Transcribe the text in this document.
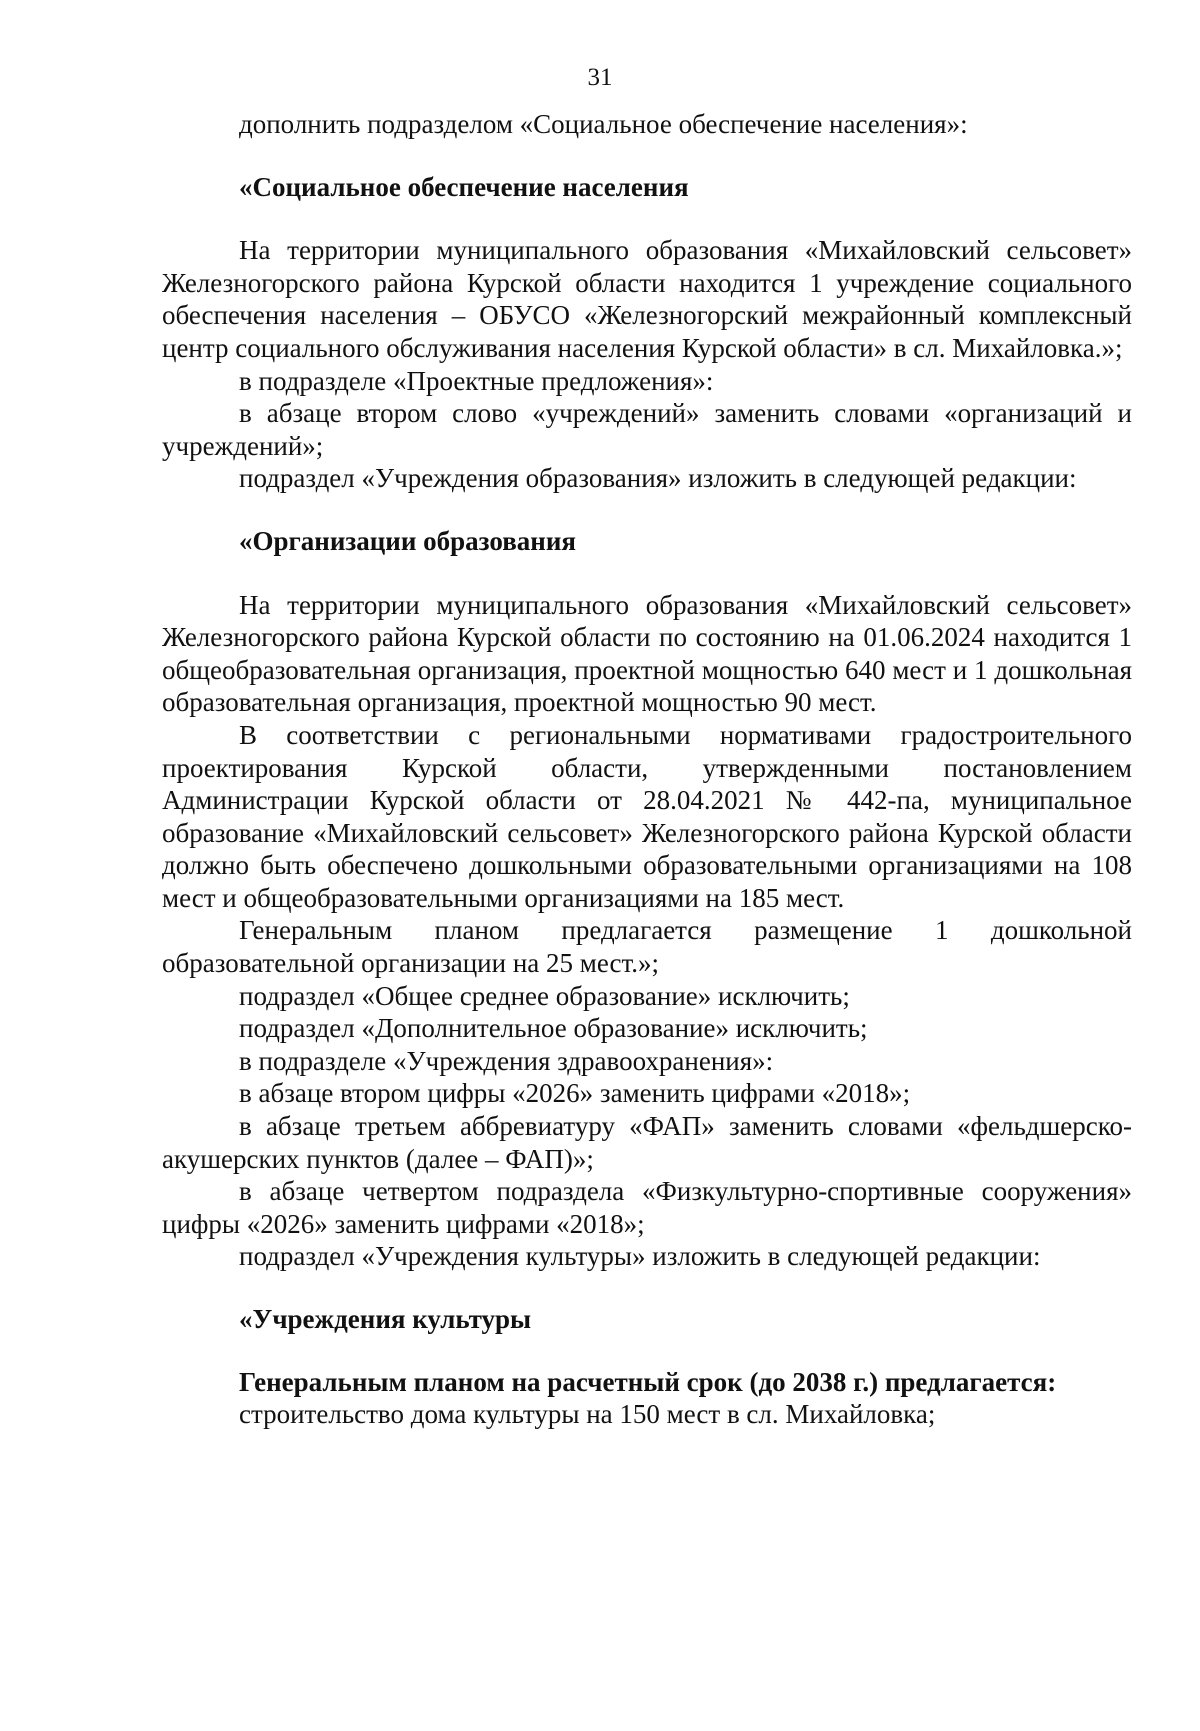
31

дополнить подразделом «Социальное обеспечение населения»:

«Социальное обеспечение населения

На территории муниципального образования «Михайловский сельсовет» Железногорского района Курской области находится 1 учреждение социального обеспечения населения – ОБУСО «Железногорский межрайонный комплексный центр социального обслуживания населения Курской области» в сл. Михайловка.»;

в подразделе «Проектные предложения»:

в абзаце втором слово «учреждений» заменить словами «организаций и учреждений»;

подраздел «Учреждения образования» изложить в следующей редакции:

«Организации образования

На территории муниципального образования «Михайловский сельсовет» Железногорского района Курской области по состоянию на 01.06.2024 находится 1 общеобразовательная организация, проектной мощностью 640 мест и 1 дошкольная образовательная организация, проектной мощностью 90 мест.

В соответствии с региональными нормативами градостроительного проектирования Курской области, утвержденными постановлением Администрации Курской области от 28.04.2021 № 442-па, муниципальное образование «Михайловский сельсовет» Железногорского района Курской области должно быть обеспечено дошкольными образовательными организациями на 108 мест и общеобразовательными организациями на 185 мест.

Генеральным планом предлагается размещение 1 дошкольной образовательной организации на 25 мест.»;

подраздел «Общее среднее образование» исключить;

подраздел «Дополнительное образование» исключить;

в подразделе «Учреждения здравоохранения»:

в абзаце втором цифры «2026» заменить цифрами «2018»;

в абзаце третьем аббревиатуру «ФАП» заменить словами «фельдшерско-акушерских пунктов (далее – ФАП)»;

в абзаце четвертом подраздела «Физкультурно-спортивные сооружения» цифры «2026» заменить цифрами «2018»;

подраздел «Учреждения культуры» изложить в следующей редакции:

«Учреждения культуры

Генеральным планом на расчетный срок (до 2038 г.) предлагается:

строительство дома культуры на 150 мест в сл. Михайловка;
